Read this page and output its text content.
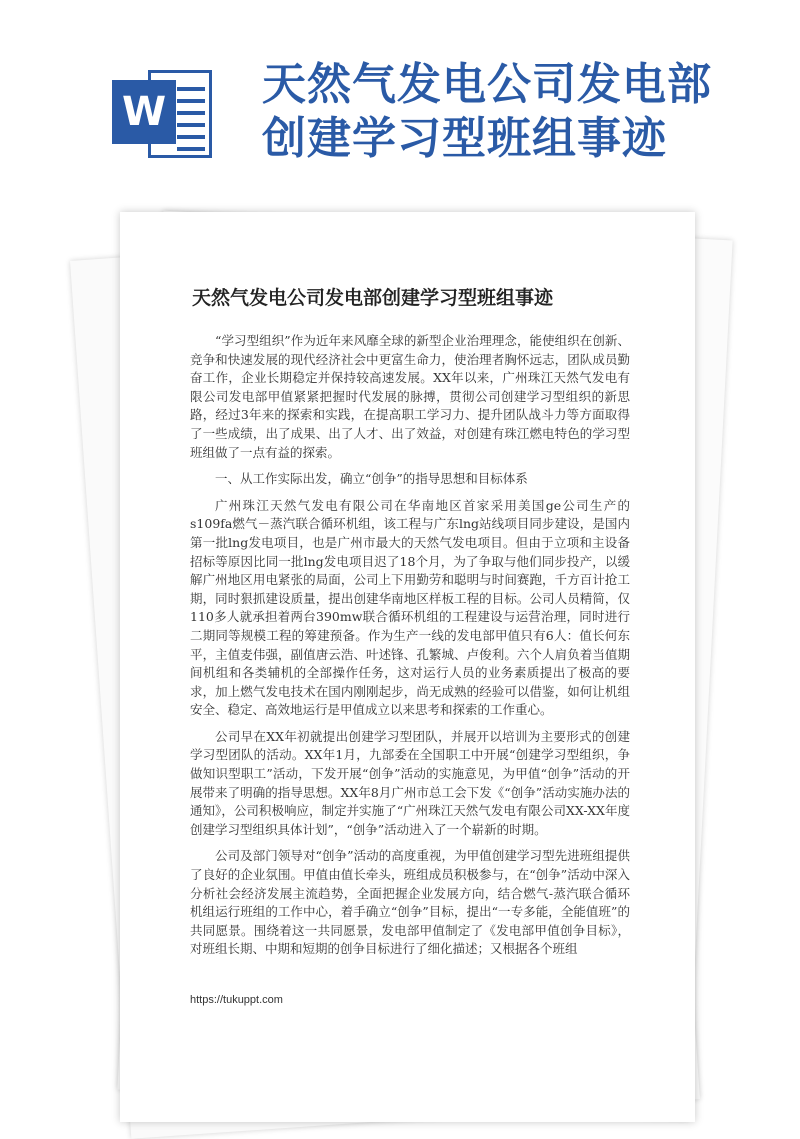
W
天然气发电公司发电部
创建学习型班组事迹
天然气发电公司发电部创建学习型班组事迹

“学习型组织”作为近年来风靡全球的新型企业治理理念，能使组织在创新、竞争和快速发展的现代经济社会中更富生命力，使治理者胸怀远志，团队成员勤奋工作，企业长期稳定并保持较高速发展。XX年以来，广州珠江天然气发电有限公司发电部甲值紧紧把握时代发展的脉搏，贯彻公司创建学习型组织的新思路，经过3年来的探索和实践，在提高职工学习力、提升团队战斗力等方面取得了一些成绩，出了成果、出了人才、出了效益，对创建有珠江燃电特色的学习型班组做了一点有益的探索。

一、从工作实际出发，确立“创争”的指导思想和目标体系

广州珠江天然气发电有限公司在华南地区首家采用美国ge公司生产的s109fa燃气－蒸汽联合循环机组，该工程与广东lng站线项目同步建设，是国内第一批lng发电项目，也是广州市最大的天然气发电项目。但由于立项和主设备招标等原因比同一批lng发电项目迟了18个月，为了争取与他们同步投产，以缓解广州地区用电紧张的局面，公司上下用勤劳和聪明与时间赛跑，千方百计抢工期，同时狠抓建设质量，提出创建华南地区样板工程的目标。公司人员精简，仅110多人就承担着两台390mw联合循环机组的工程建设与运营治理，同时进行二期同等规模工程的筹建预备。作为生产一线的发电部甲值只有6人：值长何东平，主值麦伟强，副值唐云浩、叶述锋、孔繁城、卢俊利。六个人肩负着当值期间机组和各类辅机的全部操作任务，这对运行人员的业务素质提出了极高的要求，加上燃气发电技术在国内刚刚起步，尚无成熟的经验可以借鉴，如何让机组安全、稳定、高效地运行是甲值成立以来思考和探索的工作重心。

公司早在XX年初就提出创建学习型团队，并展开以培训为主要形式的创建学习型团队的活动。XX年1月，九部委在全国职工中开展“创建学习型组织，争做知识型职工”活动，下发开展“创争”活动的实施意见，为甲值“创争”活动的开展带来了明确的指导思想。XX年8月广州市总工会下发《“创争”活动实施办法的通知》，公司积极响应，制定并实施了“广州珠江天然气发电有限公司XX-XX年度创建学习型组织具体计划”，“创争”活动进入了一个崭新的时期。

公司及部门领导对“创争”活动的高度重视，为甲值创建学习型先进班组提供了良好的企业氛围。甲值由值长牵头，班组成员积极参与，在“创争”活动中深入分析社会经济发展主流趋势，全面把握企业发展方向，结合燃气-蒸汽联合循环机组运行班组的工作中心，着手确立“创争”目标，提出“一专多能，全能值班”的共同愿景。围绕着这一共同愿景，发电部甲值制定了《发电部甲值创争目标》，对班组长期、中期和短期的创争目标进行了细化描述；又根据各个班组

https://tukuppt.com
